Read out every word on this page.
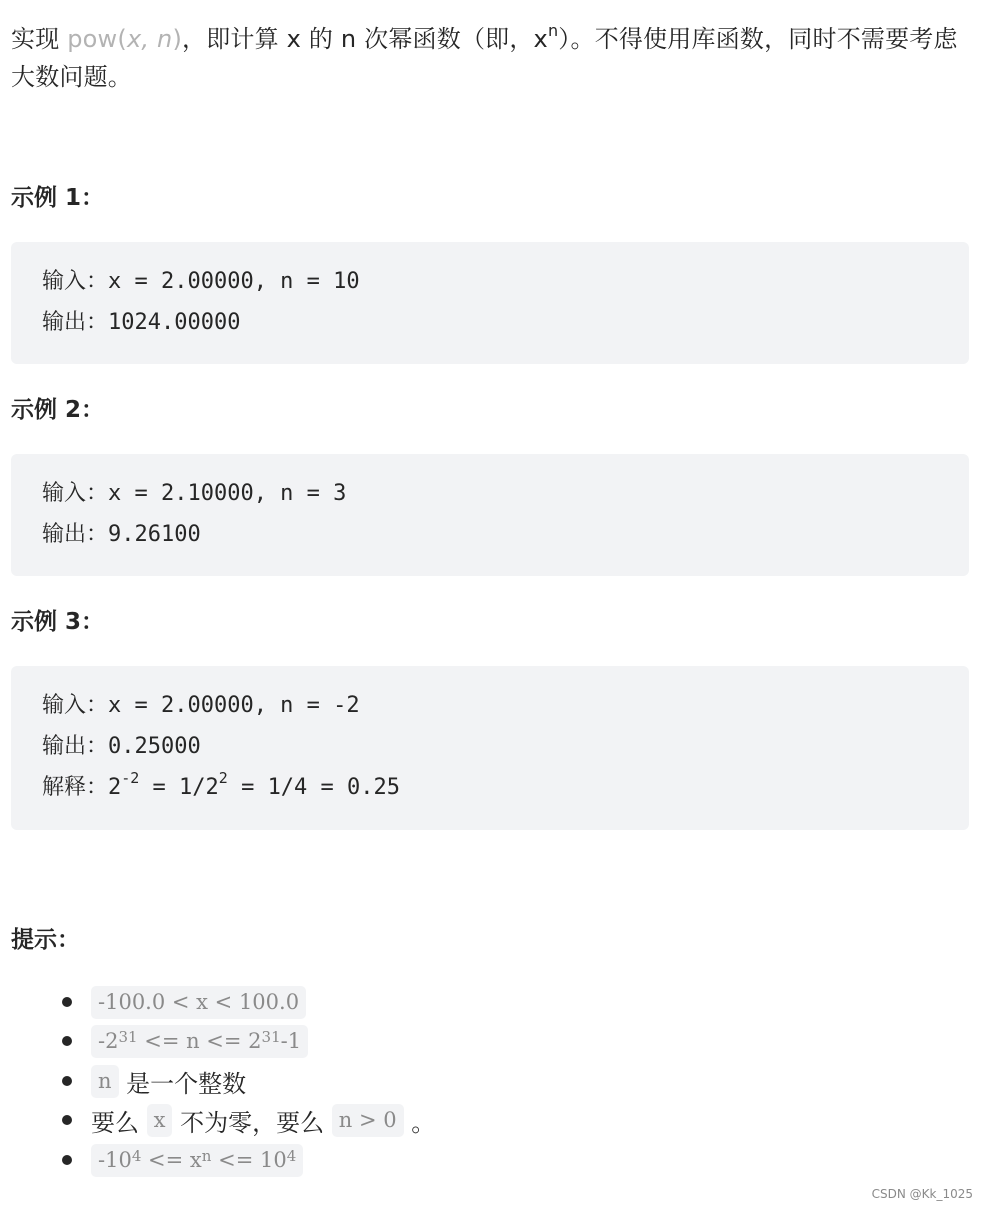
实现 pow(x, n)，即计算 x 的 n 次幂函数（即，$x^n$）。不得使用库函数，同时不需要考虑大数问题。
示例 1：
输入：x = 2.00000, n = 10
输出：1024.00000
示例 2：
输入：x = 2.10000, n = 3
输出：9.26100
示例 3：
输入：x = 2.00000, n = -2
输出：0.25000
解释：$2^{-2} = 1/2^2 = 1/4 = 0.25$
提示：
-100.0 < x < 100.0
$-2^{31} <= n <= 2^{31}$ -1
n 是一个整数
要么 x 不为零，要么 n > 0 。
$-10^4 <= x^n <= 10^4$
CSDN @Kk_1025
